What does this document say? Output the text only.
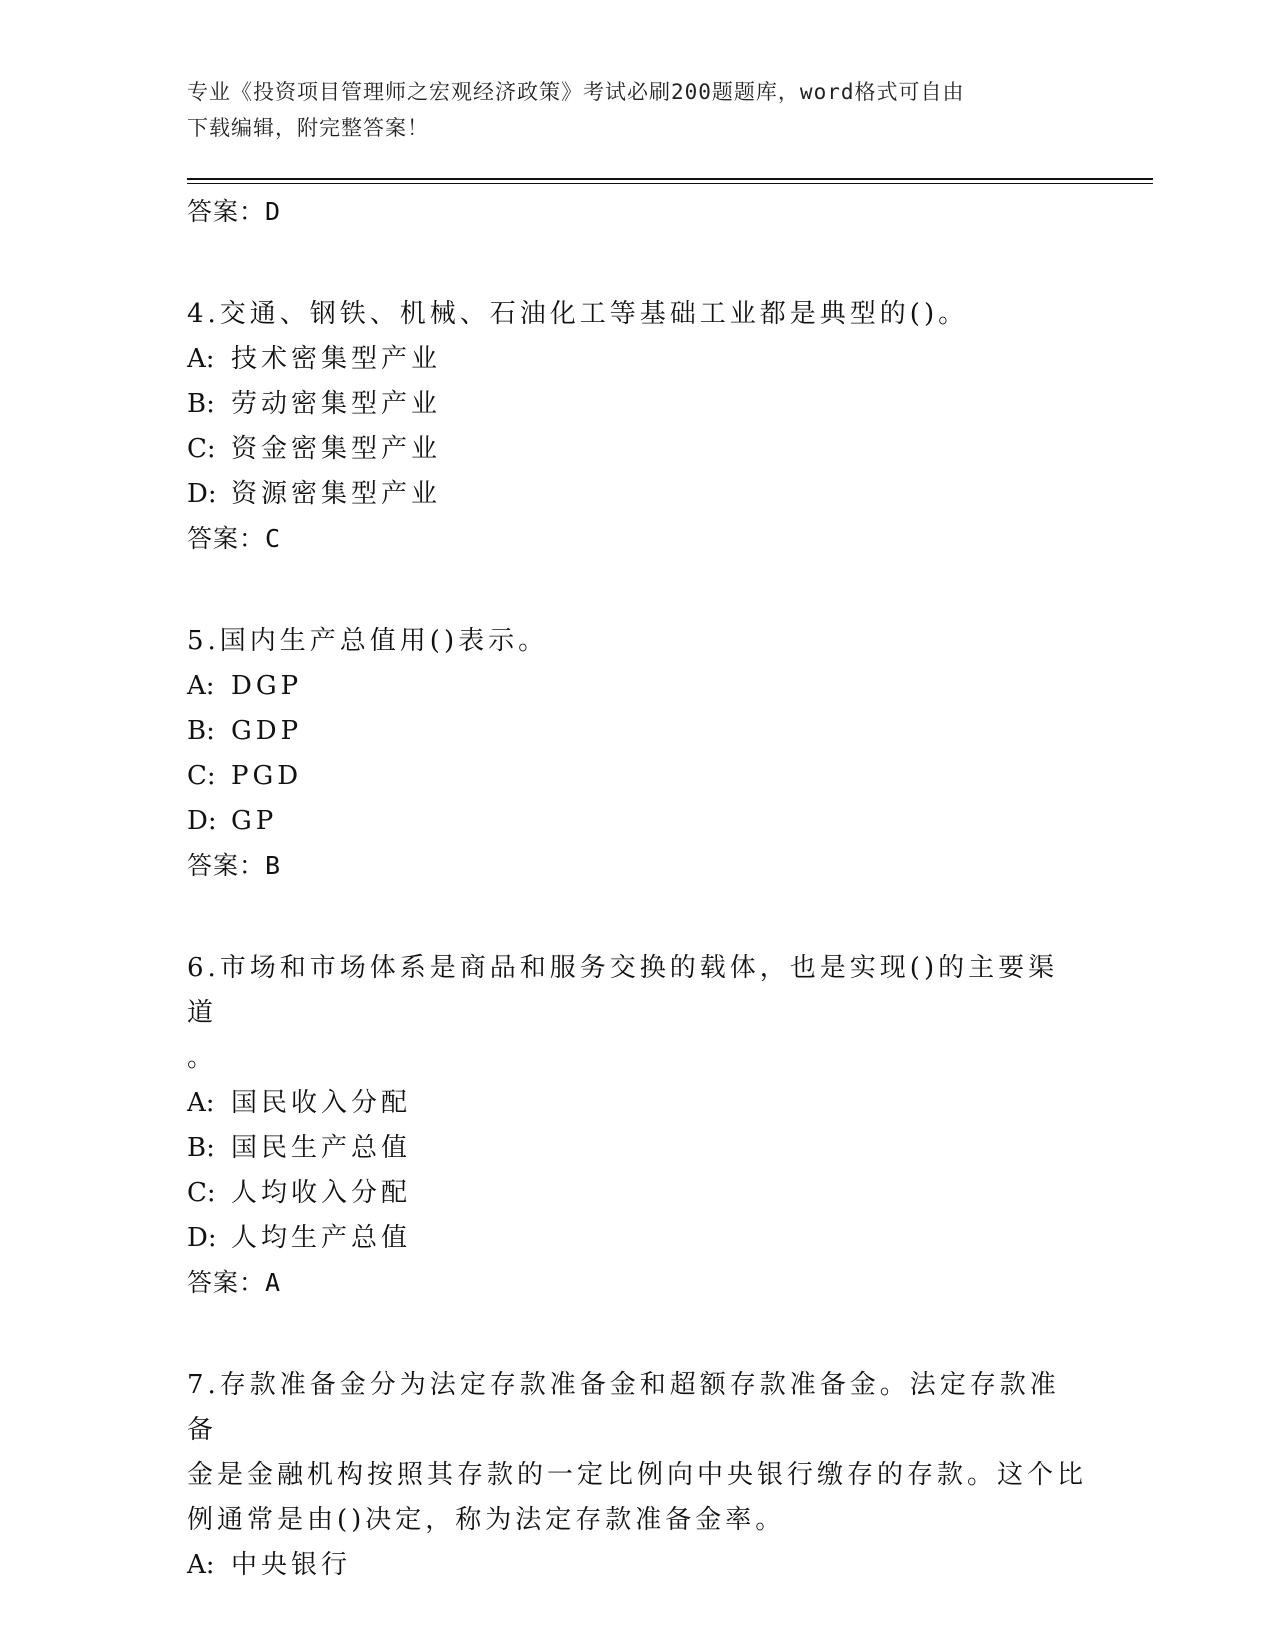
专业《投资项目管理师之宏观经济政策》考试必刷200题题库，word格式可自由
下载编辑，附完整答案！
答案：D

4.交通、钢铁、机械、石油化工等基础工业都是典型的()。

A: 技术密集型产业
B: 劳动密集型产业
C: 资金密集型产业
D: 资源密集型产业
答案：C

5.国内生产总值用()表示。

A: DGP
B: GDP
C: PGD
D: GP
答案：B

6.市场和市场体系是商品和服务交换的载体，也是实现()的主要渠道

。

A: 国民收入分配
B: 国民生产总值
C: 人均收入分配
D: 人均生产总值
答案：A

7.存款准备金分为法定存款准备金和超额存款准备金。法定存款准备

金是金融机构按照其存款的一定比例向中央银行缴存的存款。这个比

例通常是由()决定，称为法定存款准备金率。

A: 中央银行
